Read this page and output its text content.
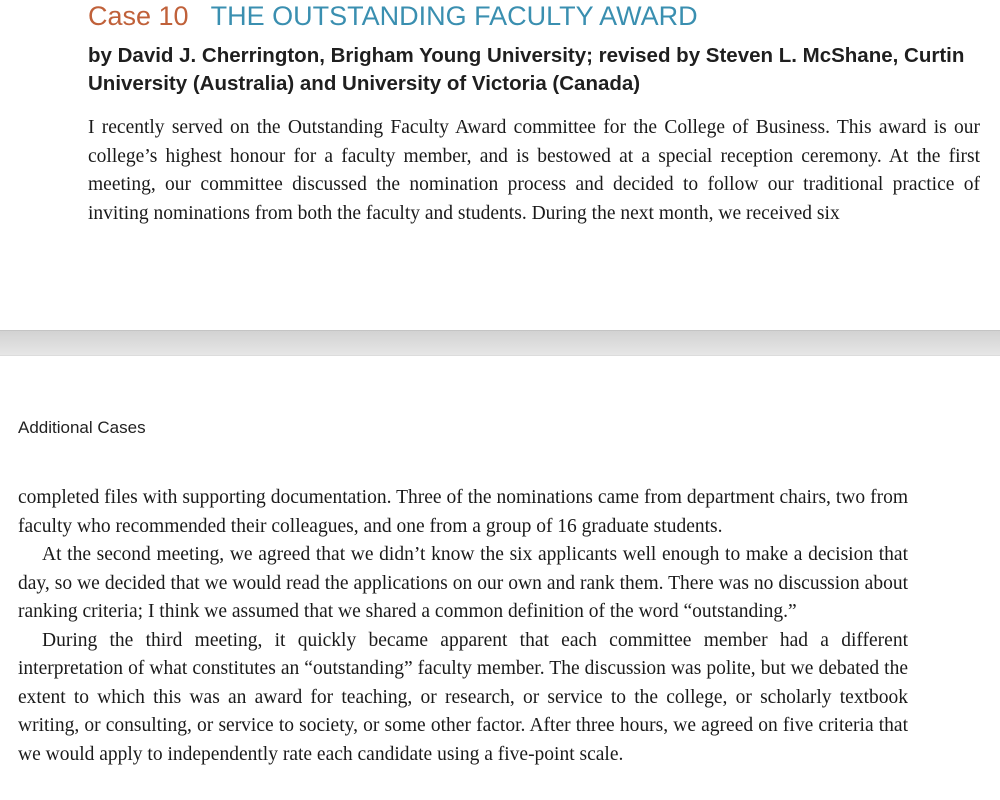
Case 10 THE OUTSTANDING FACULTY AWARD
by David J. Cherrington, Brigham Young University; revised by Steven L. McShane, Curtin University (Australia) and University of Victoria (Canada)

I recently served on the Outstanding Faculty Award committee for the College of Business. This award is our college’s highest honour for a faculty member, and is bestowed at a special reception ceremony. At the first meeting, our committee discussed the nomination process and decided to follow our traditional practice of inviting nominations from both the faculty and students. During the next month, we received six

Additional Cases
completed files with supporting documentation. Three of the nominations came from department chairs, two from faculty who recommended their colleagues, and one from a group of 16 graduate students.
At the second meeting, we agreed that we didn’t know the six applicants well enough to make a decision that day, so we decided that we would read the applications on our own and rank them. There was no discussion about ranking criteria; I think we assumed that we shared a common definition of the word “outstanding.”
During the third meeting, it quickly became apparent that each committee member had a different interpretation of what constitutes an “outstanding” faculty member. The discussion was polite, but we debated the extent to which this was an award for teaching, or research, or service to the college, or scholarly textbook writing, or consulting, or service to society, or some other factor. After three hours, we agreed on five criteria that we would apply to independently rate each candidate using a five-point scale.
